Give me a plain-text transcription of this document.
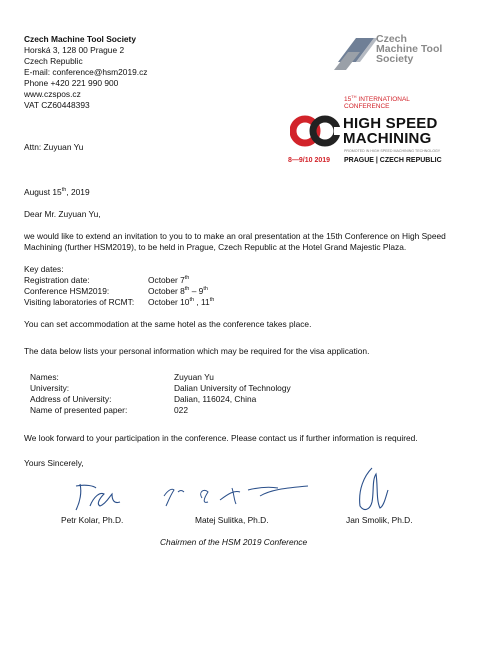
Czech Machine Tool Society
Horská 3, 128 00 Prague 2
Czech Republic
E-mail: conference@hsm2019.cz
Phone +420 221 990 900
www.czspos.cz
VAT CZ60448393
Czech
Machine Tool
Society
15TH INTERNATIONAL
CONFERENCE
HIGH SPEED
MACHINING
PROMOTED IN HIGH SPEED MACHINING TECHNOLOGY
8—9/10 2019 PRAGUE | CZECH REPUBLIC
Attn: Zuyuan Yu
August 15th, 2019
Dear Mr. Zuyuan Yu,
we would like to extend an invitation to you to to make an oral presentation at the 15th Conference on High Speed Machining (further HSM2019), to be held in Prague, Czech Republic at the Hotel Grand Majestic Plaza.
Key dates:
Registration date:	October 7th
Conference HSM2019:	October 8th – 9th
Visiting laboratories of RCMT: October 10th , 11th
You can set accommodation at the same hotel as the conference takes place.
The data below lists your personal information which may be required for the visa application.
Names:	Zuyuan Yu
University:	Dalian University of Technology
Address of University:	Dalian, 116024, China
Name of presented paper:	022
We look forward to your participation in the conference. Please contact us if further information is required.
Yours Sincerely,
Petr Kolar, Ph.D.	Matej Sulitka, Ph.D.	Jan Smolik, Ph.D.
Chairmen of the HSM 2019 Conference
